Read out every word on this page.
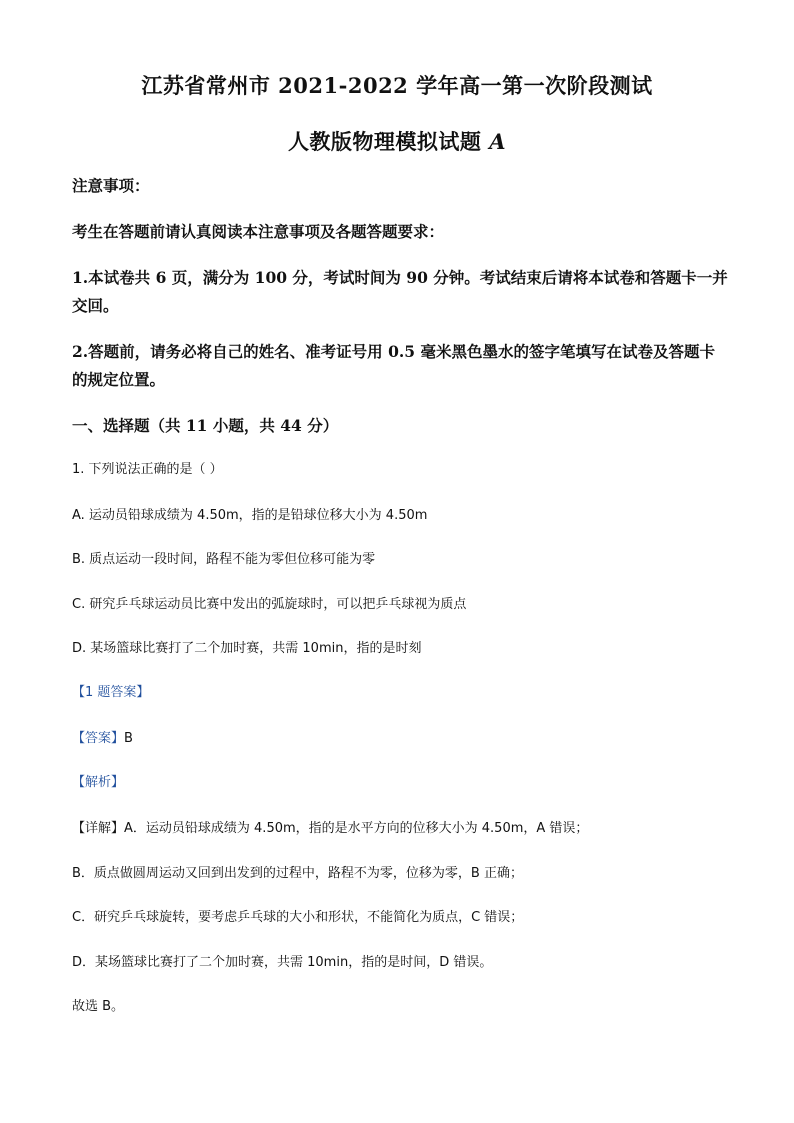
江苏省常州市 2021-2022 学年高一第一次阶段测试
人教版物理模拟试题 A
注意事项：
考生在答题前请认真阅读本注意事项及各题答题要求：
1.本试卷共 6 页，满分为 100 分，考试时间为 90 分钟。考试结束后请将本试卷和答题卡一并
交回。
2.答题前，请务必将自己的姓名、准考证号用 0.5 毫米黑色墨水的签字笔填写在试卷及答题卡
的规定位置。
一、选择题（共 11 小题，共 44 分）
1. 下列说法正确的是（ ）
A. 运动员铅球成绩为 4.50m，指的是铅球位移大小为 4.50m
B. 质点运动一段时间，路程不能为零但位移可能为零
C. 研究乒乓球运动员比赛中发出的弧旋球时，可以把乒乓球视为质点
D. 某场篮球比赛打了二个加时赛，共需 10min，指的是时刻
【1 题答案】
【答案】B
【解析】
【详解】A．运动员铅球成绩为 4.50m，指的是水平方向的位移大小为 4.50m，A 错误；
B．质点做圆周运动又回到出发到的过程中，路程不为零，位移为零，B 正确；
C．研究乒乓球旋转，要考虑乒乓球的大小和形状，不能简化为质点，C 错误；
D．某场篮球比赛打了二个加时赛，共需 10min，指的是时间，D 错误。
故选 B。
